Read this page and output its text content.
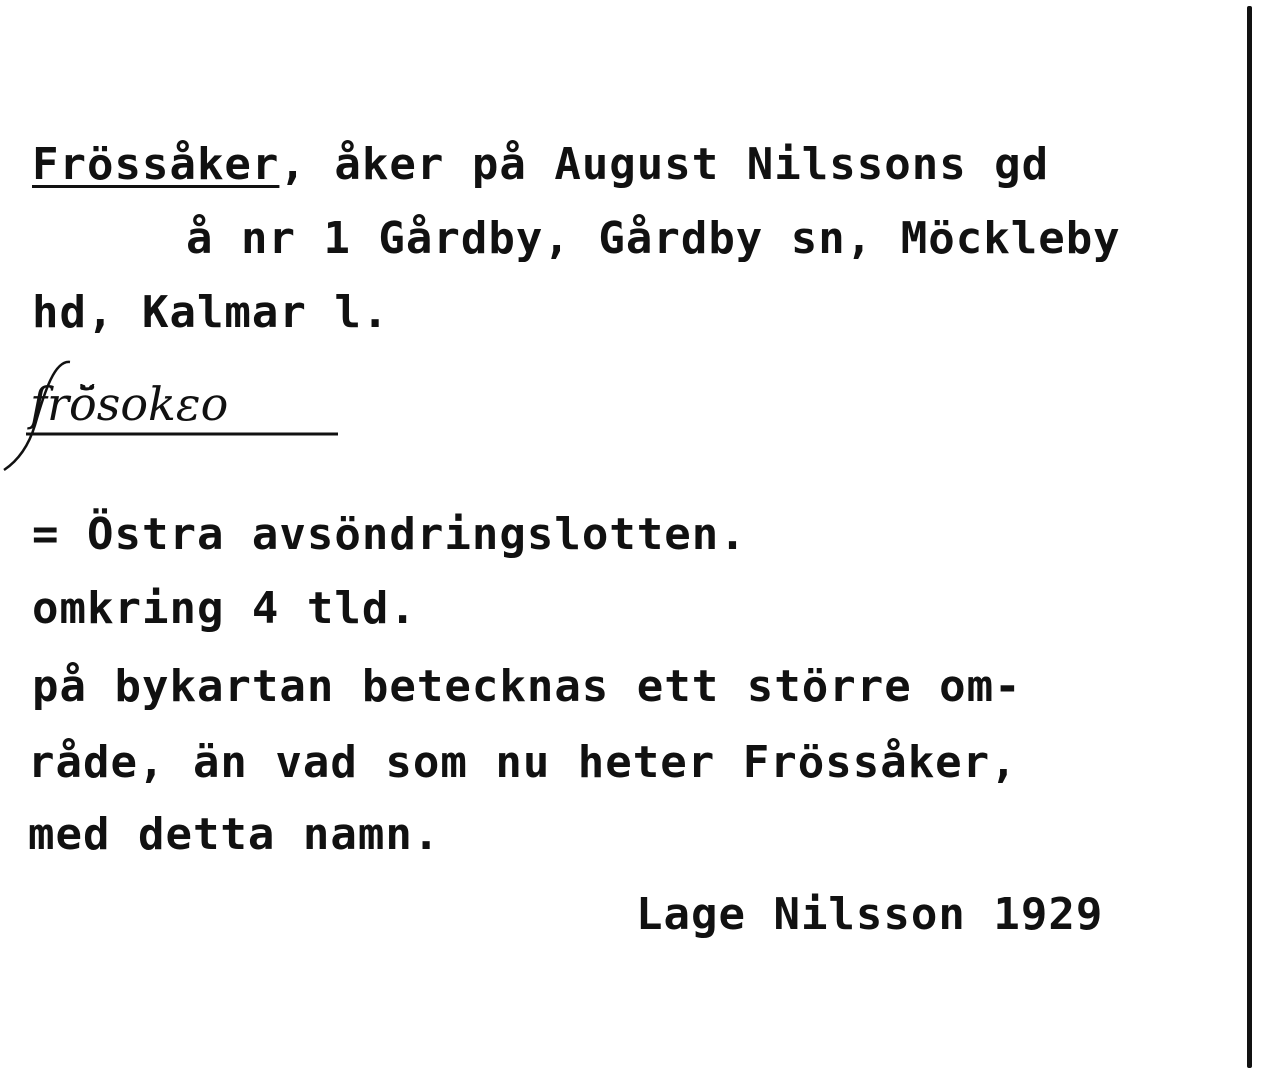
Frössåker, åker på August Nilssons gd
å nr 1 Gårdby, Gårdby sn, Möckleby
hd, Kalmar l.
frö̆sokɛo
= Östra avsöndringslotten.
omkring 4 tld.
på bykartan betecknas ett större om-
råde, än vad som nu heter Frössåker,
med detta namn.
Lage Nilsson 1929
